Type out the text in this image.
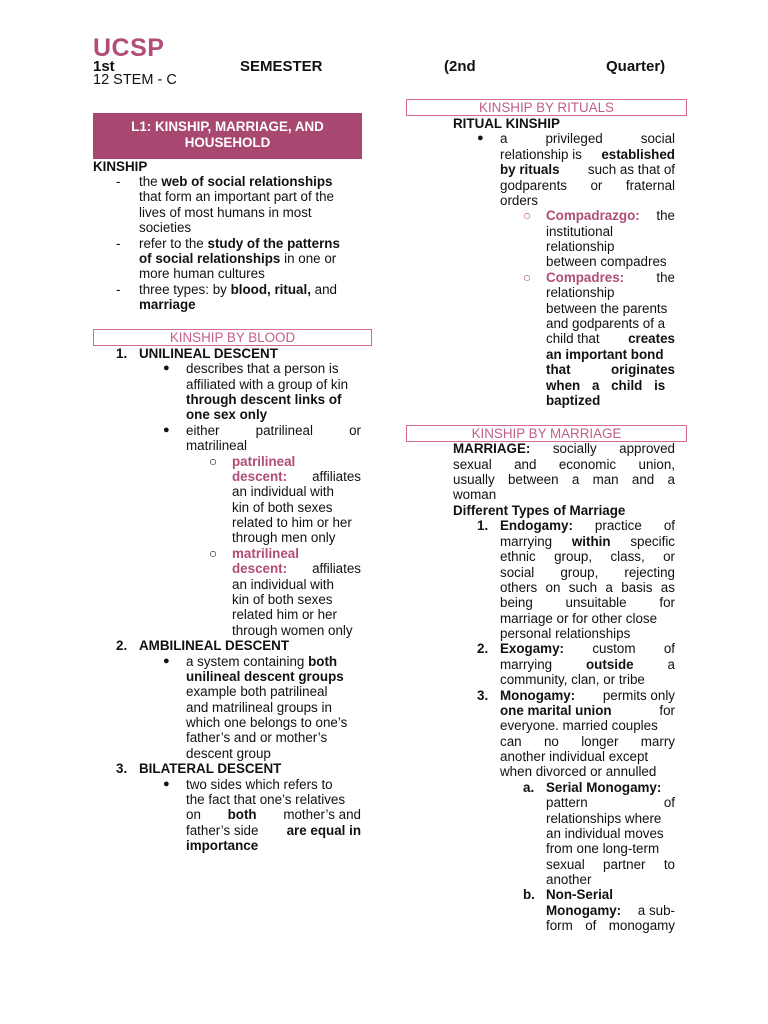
UCSP
1st	SEMESTER	(2nd	Quarter)
12 STEM - C
L1: KINSHIP, MARRIAGE, AND
HOUSEHOLD
KINSHIP
- the web of social relationships
that form an important part of the
lives of most humans in most
societies
- refer to the study of the patterns
of social relationships in one or
more human cultures
- three types: by blood, ritual, and
marriage
KINSHIP BY BLOOD
1. UNILINEAL DESCENT
● describes that a person is
affiliated with a group of kin
through descent links of
one sex only
● either	patrilineal	or
matrilineal
○ patrilineal
descent: affiliates
an individual with
kin of both sexes
related to him or her
through men only
○ matrilineal
descent: affiliates
an individual with
kin of both sexes
related him or her
through women only
2. AMBILINEAL DESCENT
● a system containing both
unilineal descent groups
example both patrilineal
and matrilineal groups in
which one belongs to one’s
father’s and or mother’s
descent group
3. BILATERAL DESCENT
● two sides which refers to
the fact that one’s relatives
on both mother’s and
father’s side are equal in
importance
KINSHIP BY RITUALS
RITUAL KINSHIP
● a	privileged	social
relationship is established
by rituals such as that of
godparents or fraternal
orders
○ Compadrazgo: the
institutional
relationship
between compadres
○ Compadres: the
relationship
between the parents
and godparents of a
child that creates
an important bond
that	originates
when a child is
baptized
KINSHIP BY MARRIAGE
MARRIAGE: socially approved
sexual and economic union,
usually between a man and a
woman
Different Types of Marriage
1. Endogamy: practice of
marrying within specific
ethnic group, class, or
social group, rejecting
others on such a basis as
being unsuitable for
marriage or for other close
personal relationships
2. Exogamy: custom of
marrying	outside	a
community, clan, or tribe
3. Monogamy: permits only
one marital union	for
everyone. married couples
can no longer marry
another individual except
when divorced or annulled
a. Serial Monogamy:
pattern	of
relationships where
an individual moves
from one long-term
sexual partner to
another
b. Non-Serial
Monogamy: a sub-
form of monogamy
